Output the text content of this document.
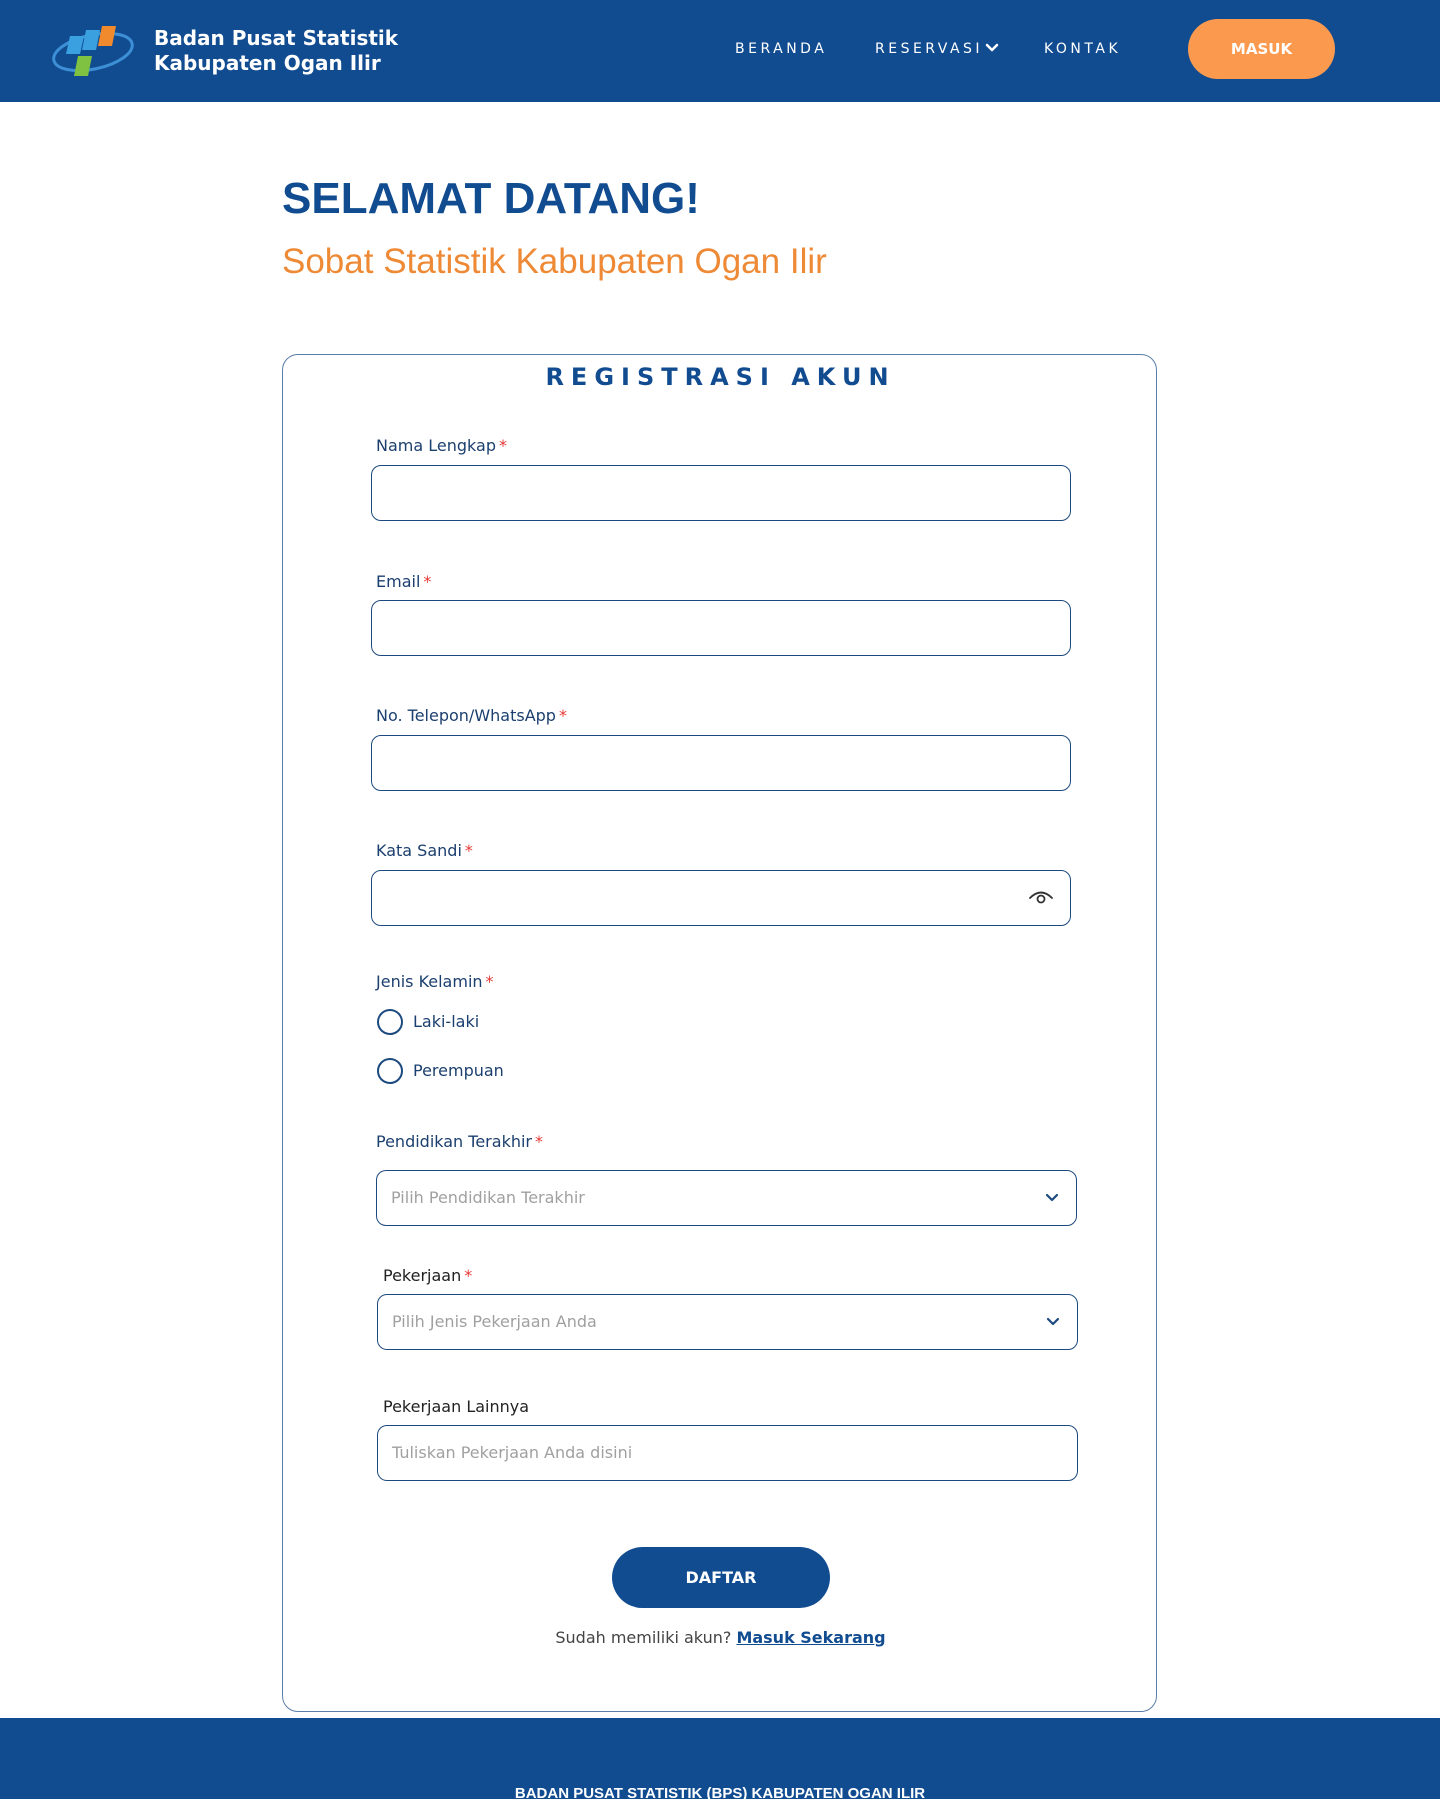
Badan Pusat Statistik
Kabupaten Ogan Ilir
BERANDA	RESERVASI	KONTAK	MASUK
SELAMAT DATANG!
Sobat Statistik Kabupaten Ogan Ilir
REGISTRASI AKUN
Nama Lengkap *
Email *
No. Telepon/WhatsApp *
Kata Sandi *
Jenis Kelamin *
Laki-laki
Perempuan
Pendidikan Terakhir *
Pilih Pendidikan Terakhir
Pekerjaan *
Pilih Jenis Pekerjaan Anda
Pekerjaan Lainnya
Tuliskan Pekerjaan Anda disini
DAFTAR
Sudah memiliki akun? Masuk Sekarang
BADAN PUSAT STATISTIK (BPS) KABUPATEN OGAN ILIR
